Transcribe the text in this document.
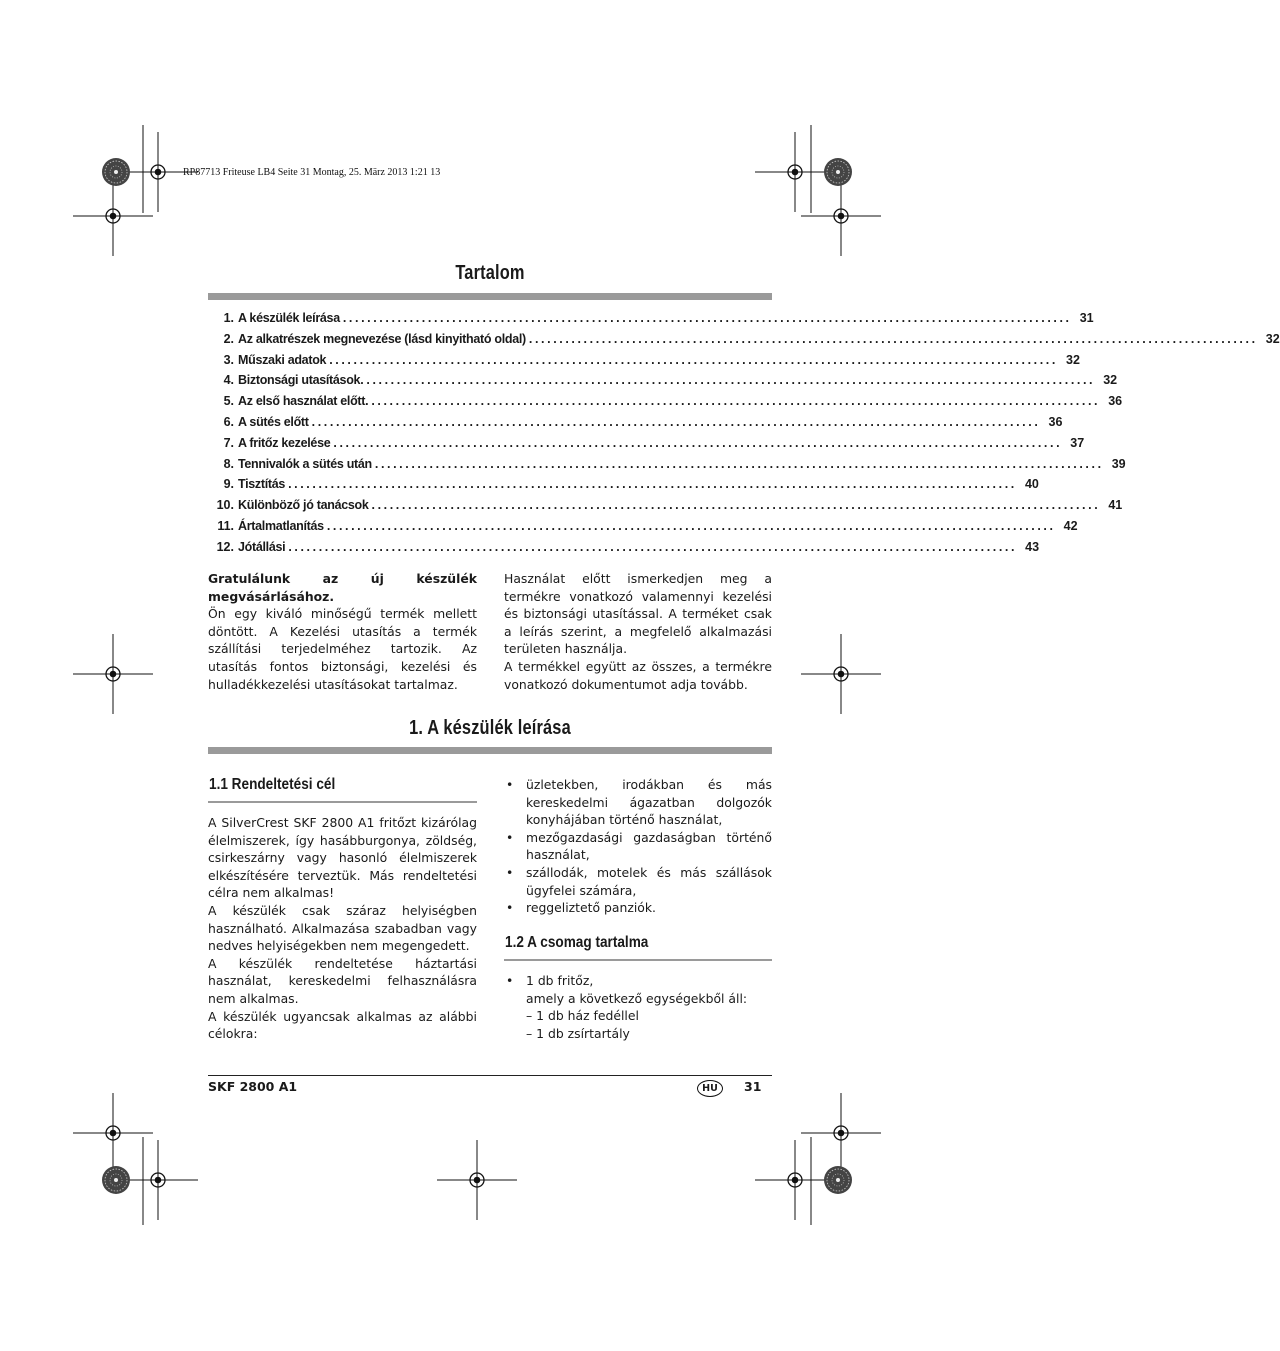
RP87713 Friteuse LB4 Seite 31 Montag, 25. März 2013 1:21 13
Tartalom
1. A készülék leírása ........................................................................................................................ 31
2. Az alkatrészek megnevezése (lásd kinyitható oldal) ........................................................................................................................ 32
3. Műszaki adatok ........................................................................................................................ 32
4. Biztonsági utasítások. ........................................................................................................................ 32
5. Az első használat előtt. ........................................................................................................................ 36
6. A sütés előtt ........................................................................................................................ 36
7. A fritőz kezelése ........................................................................................................................ 37
8. Tennivalók a sütés után ........................................................................................................................ 39
9. Tisztítás ........................................................................................................................ 40
10. Különböző jó tanácsok ........................................................................................................................ 41
11. Ártalmatlanítás ........................................................................................................................ 42
12. Jótállási ........................................................................................................................ 43

Gratulálunk az új készülék megvásárlásához.

Ön egy kiváló minőségű termék mellett döntött. A Kezelési utasítás a termék szállítási terjedelméhez tartozik. Az utasítás fontos biztonsági, kezelési és hulladékkezelési utasításokat tartalmaz.

Használat előtt ismerkedjen meg a termékre vonatkozó valamennyi kezelési és biztonsági utasítással. A terméket csak a leírás szerint, a megfelelő alkalmazási területen használja.

A termékkel együtt az összes, a termékre vonatkozó dokumentumot adja tovább.

1. A készülék leírása
1.1 Rendeltetési cél

A SilverCrest SKF 2800 A1 fritőzt kizárólag élelmiszerek, így hasábburgonya, zöldség, csirkeszárny vagy hasonló élelmiszerek elkészítésére terveztük. Más rendeltetési célra nem alkalmas!

A készülék csak száraz helyiségben használható. Alkalmazása szabadban vagy nedves helyiségekben nem megengedett.

A készülék rendeltetése háztartási használat, kereskedelmi felhasználásra nem alkalmas.

A készülék ugyancsak alkalmas az alábbi célokra:

• üzletekben, irodákban és más kereskedelmi ágazatban dolgozók konyhájában történő használat,
• mezőgazdasági gazdaságban történő használat,
• szállodák, motelek és más szállások ügyfelei számára,
• reggeliztető panziók.
1.2 A csomag tartalma
• 1 db fritőz,
amely a következő egységekből áll:
– 1 db ház fedéllel
– 1 db zsírtartály
SKF 2800 A1	HU	31
